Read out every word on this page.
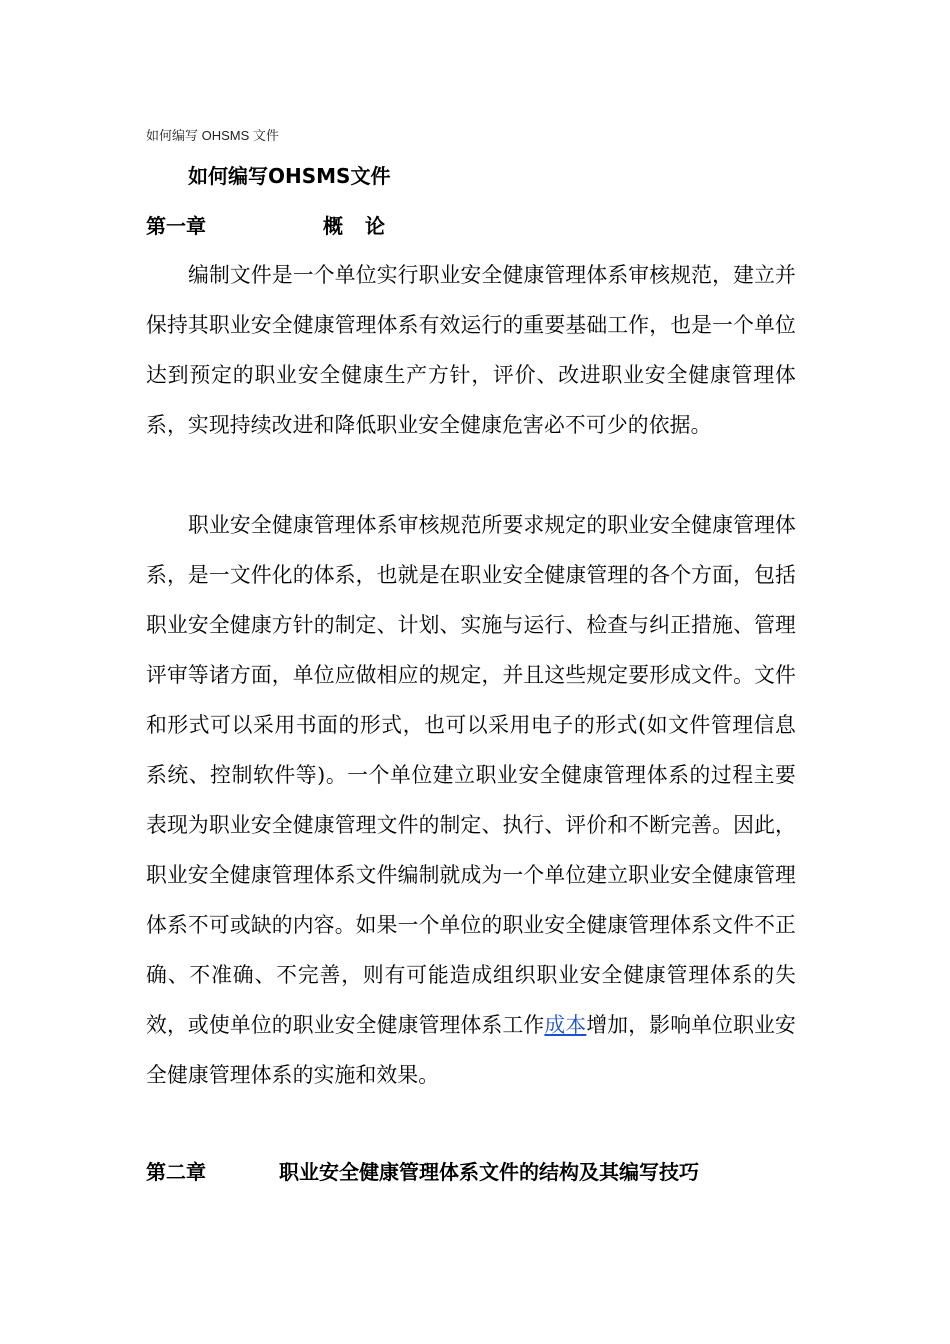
如何编写 OHSMS 文件
如何编写OHSMS文件
第一章	概论

编制文件是一个单位实行职业安全健康管理体系审核规范，建立并保持其职业安全健康管理体系有效运行的重要基础工作，也是一个单位达到预定的职业安全健康生产方针，评价、改进职业安全健康管理体系，实现持续改进和降低职业安全健康危害必不可少的依据。

职业安全健康管理体系审核规范所要求规定的职业安全健康管理体系，是一文件化的体系，也就是在职业安全健康管理的各个方面，包括职业安全健康方针的制定、计划、实施与运行、检查与纠正措施、管理评审等诸方面，单位应做相应的规定，并且这些规定要形成文件。文件和形式可以采用书面的形式，也可以采用电子的形式(如文件管理信息系统、控制软件等)。一个单位建立职业安全健康管理体系的过程主要表现为职业安全健康管理文件的制定、执行、评价和不断完善。因此，职业安全健康管理体系文件编制就成为一个单位建立职业安全健康管理体系不可或缺的内容。如果一个单位的职业安全健康管理体系文件不正确、不准确、不完善，则有可能造成组织职业安全健康管理体系的失效，或使单位的职业安全健康管理体系工作成本增加，影响单位职业安全健康管理体系的实施和效果。

第二章	职业安全健康管理体系文件的结构及其编写技巧
